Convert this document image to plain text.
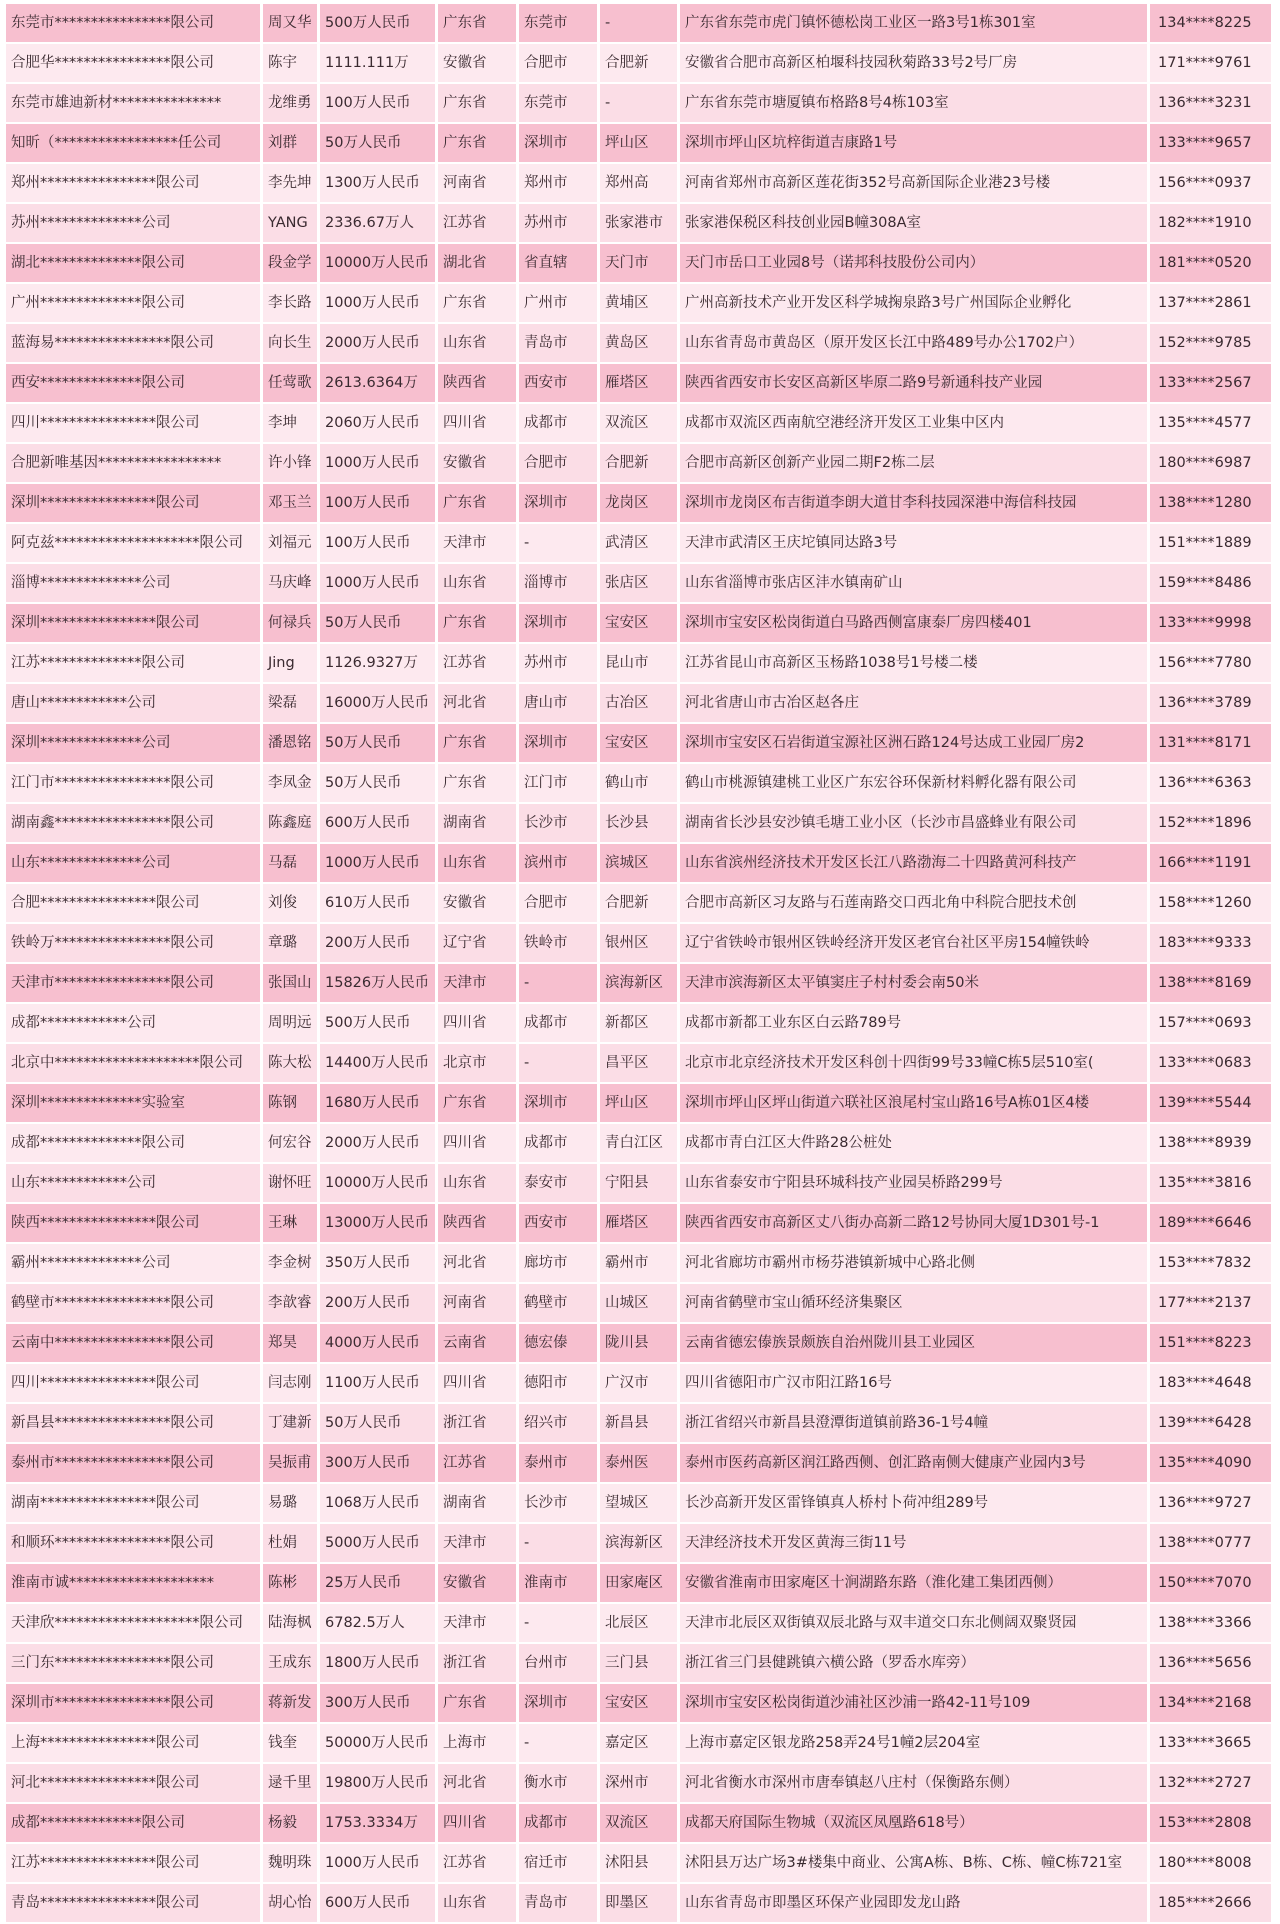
东莞市****************限公司	周又华	500万人民币	广东省	东莞市	-	广东省东莞市虎门镇怀德松岗工业区一路3号1栋301室	134****8225
合肥华****************限公司	陈宇	1111.111万	安徽省	合肥市	合肥新	安徽省合肥市高新区柏堰科技园秋菊路33号2号厂房	171****9761
东莞市雄迪新材***************	龙维勇	100万人民币	广东省	东莞市	-	广东省东莞市塘厦镇布格路8号4栋103室	136****3231
知昕（*****************任公司	刘群	50万人民币	广东省	深圳市	坪山区	深圳市坪山区坑梓街道吉康路1号	133****9657
郑州****************限公司	李先坤	1300万人民币	河南省	郑州市	郑州高	河南省郑州市高新区莲花街352号高新国际企业港23号楼	156****0937
苏州**************公司	YANG	2336.67万人	江苏省	苏州市	张家港市	张家港保税区科技创业园B幢308A室	182****1910
湖北**************限公司	段金学	10000万人民币	湖北省	省直辖	天门市	天门市岳口工业园8号（诺邦科技股份公司内）	181****0520
广州**************限公司	李长路	1000万人民币	广东省	广州市	黄埔区	广州高新技术产业开发区科学城掬泉路3号广州国际企业孵化	137****2861
蓝海易****************限公司	向长生	2000万人民币	山东省	青岛市	黄岛区	山东省青岛市黄岛区（原开发区长江中路489号办公1702户）	152****9785
西安**************限公司	任莺歌	2613.6364万	陕西省	西安市	雁塔区	陕西省西安市长安区高新区毕原二路9号新通科技产业园	133****2567
四川****************限公司	李坤	2060万人民币	四川省	成都市	双流区	成都市双流区西南航空港经济开发区工业集中区内	135****4577
合肥新唯基因*****************	许小锋	1000万人民币	安徽省	合肥市	合肥新	合肥市高新区创新产业园二期F2栋二层	180****6987
深圳****************限公司	邓玉兰	100万人民币	广东省	深圳市	龙岗区	深圳市龙岗区布吉街道李朗大道甘李科技园深港中海信科技园	138****1280
阿克兹********************限公司	刘福元	100万人民币	天津市	-	武清区	天津市武清区王庆坨镇同达路3号	151****1889
淄博**************公司	马庆峰	1000万人民币	山东省	淄博市	张店区	山东省淄博市张店区沣水镇南矿山	159****8486
深圳****************限公司	何禄兵	50万人民币	广东省	深圳市	宝安区	深圳市宝安区松岗街道白马路西侧富康泰厂房四楼401	133****9998
江苏**************限公司	Jing	1126.9327万	江苏省	苏州市	昆山市	江苏省昆山市高新区玉杨路1038号1号楼二楼	156****7780
唐山************公司	梁磊	16000万人民币	河北省	唐山市	古冶区	河北省唐山市古冶区赵各庄	136****3789
深圳**************公司	潘恩铭	50万人民币	广东省	深圳市	宝安区	深圳市宝安区石岩街道宝源社区洲石路124号达成工业园厂房2	131****8171
江门市****************限公司	李凤金	50万人民币	广东省	江门市	鹤山市	鹤山市桃源镇建桃工业区广东宏谷环保新材料孵化器有限公司	136****6363
湖南鑫****************限公司	陈鑫庭	600万人民币	湖南省	长沙市	长沙县	湖南省长沙县安沙镇毛塘工业小区（长沙市昌盛蜂业有限公司	152****1896
山东**************公司	马磊	1000万人民币	山东省	滨州市	滨城区	山东省滨州经济技术开发区长江八路渤海二十四路黄河科技产	166****1191
合肥****************限公司	刘俊	610万人民币	安徽省	合肥市	合肥新	合肥市高新区习友路与石莲南路交口西北角中科院合肥技术创	158****1260
铁岭万****************限公司	章璐	200万人民币	辽宁省	铁岭市	银州区	辽宁省铁岭市银州区铁岭经济开发区老官台社区平房154幢铁岭	183****9333
天津市****************限公司	张国山	15826万人民币	天津市	-	滨海新区	天津市滨海新区太平镇窦庄子村村委会南50米	138****8169
成都************公司	周明远	500万人民币	四川省	成都市	新都区	成都市新都工业东区白云路789号	157****0693
北京中********************限公司	陈大松	14400万人民币	北京市	-	昌平区	北京市北京经济技术开发区科创十四街99号33幢C栋5层510室(	133****0683
深圳**************实验室	陈钢	1680万人民币	广东省	深圳市	坪山区	深圳市坪山区坪山街道六联社区浪尾村宝山路16号A栋01区4楼	139****5544
成都**************限公司	何宏谷	2000万人民币	四川省	成都市	青白江区	成都市青白江区大件路28公桩处	138****8939
山东************公司	谢怀旺	10000万人民币	山东省	泰安市	宁阳县	山东省泰安市宁阳县环城科技产业园吴桥路299号	135****3816
陕西****************限公司	王琳	13000万人民币	陕西省	西安市	雁塔区	陕西省西安市高新区丈八街办高新二路12号协同大厦1D301号-1	189****6646
霸州**************公司	李金树	350万人民币	河北省	廊坊市	霸州市	河北省廊坊市霸州市杨芬港镇新城中心路北侧	153****7832
鹤壁市****************限公司	李歆睿	200万人民币	河南省	鹤壁市	山城区	河南省鹤壁市宝山循环经济集聚区	177****2137
云南中****************限公司	郑昊	4000万人民币	云南省	德宏傣	陇川县	云南省德宏傣族景颇族自治州陇川县工业园区	151****8223
四川****************限公司	闫志刚	1100万人民币	四川省	德阳市	广汉市	四川省德阳市广汉市阳江路16号	183****4648
新昌县****************限公司	丁建新	50万人民币	浙江省	绍兴市	新昌县	浙江省绍兴市新昌县澄潭街道镇前路36-1号4幢	139****6428
泰州市****************限公司	吴振甫	300万人民币	江苏省	泰州市	泰州医	泰州市医药高新区润江路西侧、创汇路南侧大健康产业园内3号	135****4090
湖南****************限公司	易璐	1068万人民币	湖南省	长沙市	望城区	长沙高新开发区雷锋镇真人桥村卜荷冲组289号	136****9727
和顺环****************限公司	杜娟	5000万人民币	天津市	-	滨海新区	天津经济技术开发区黄海三街11号	138****0777
淮南市诚********************	陈彬	25万人民币	安徽省	淮南市	田家庵区	安徽省淮南市田家庵区十涧湖路东路（淮化建工集团西侧）	150****7070
天津欣********************限公司	陆海枫	6782.5万人	天津市	-	北辰区	天津市北辰区双街镇双辰北路与双丰道交口东北侧阔双聚贤园	138****3366
三门东****************限公司	王成东	1800万人民币	浙江省	台州市	三门县	浙江省三门县健跳镇六横公路（罗岙水库旁）	136****5656
深圳市****************限公司	蒋新发	300万人民币	广东省	深圳市	宝安区	深圳市宝安区松岗街道沙浦社区沙浦一路42-11号109	134****2168
上海****************限公司	钱奎	50000万人民币	上海市	-	嘉定区	上海市嘉定区银龙路258弄24号1幢2层204室	133****3665
河北****************限公司	逯千里	19800万人民币	河北省	衡水市	深州市	河北省衡水市深州市唐奉镇赵八庄村（保衡路东侧）	132****2727
成都**************限公司	杨毅	1753.3334万	四川省	成都市	双流区	成都天府国际生物城（双流区凤凰路618号）	153****2808
江苏****************限公司	魏明珠	1000万人民币	江苏省	宿迁市	沭阳县	沭阳县万达广场3#楼集中商业、公寓A栋、B栋、C栋、幢C栋721室	180****8008
青岛****************限公司	胡心怡	600万人民币	山东省	青岛市	即墨区	山东省青岛市即墨区环保产业园即发龙山路	185****2666
